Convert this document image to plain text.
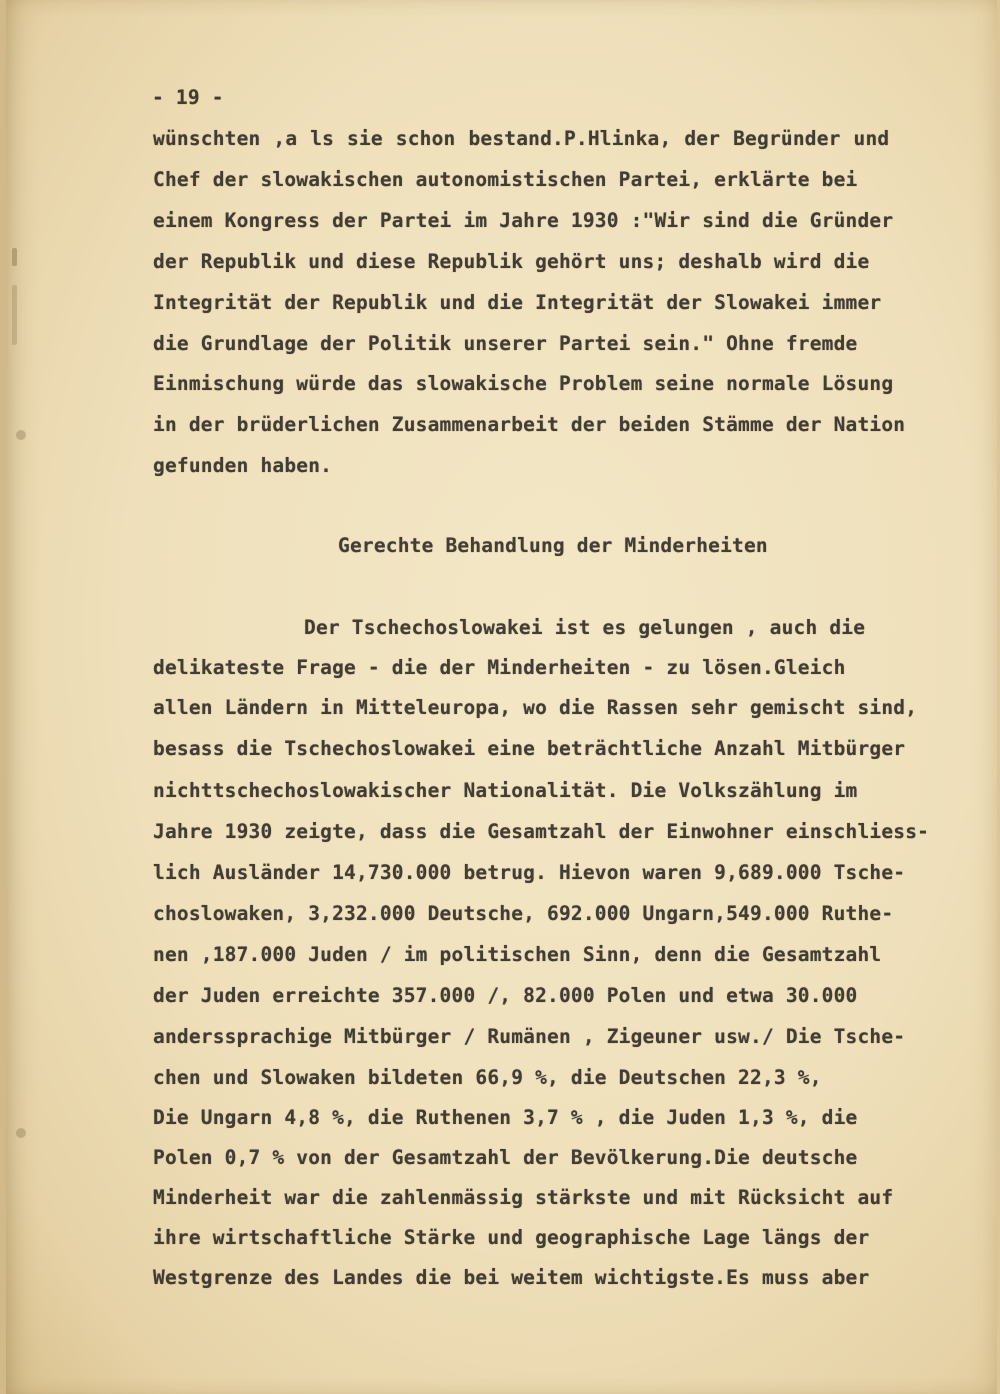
- 19 -
wünschten ,a ls sie schon bestand.P.Hlinka, der Begründer und
Chef der slowakischen autonomistischen Partei, erklärte bei
einem Kongress der Partei im Jahre 1930 :"Wir sind die Gründer
der Republik und diese Republik gehört uns; deshalb wird die
Integrität der Republik und die Integrität der Slowakei immer
die Grundlage der Politik unserer Partei sein." Ohne fremde
Einmischung würde das slowakische Problem seine normale Lösung
in der brüderlichen Zusammenarbeit der beiden Stämme der Nation
gefunden haben.
Gerechte Behandlung der Minderheiten
Der Tschechoslowakei ist es gelungen , auch die
delikateste Frage - die der Minderheiten - zu lösen.Gleich
allen Ländern in Mitteleuropa, wo die Rassen sehr gemischt sind,
besass die Tschechoslowakei eine beträchtliche Anzahl Mitbürger
nichttschechoslowakischer Nationalität. Die Volkszählung im
Jahre 1930 zeigte, dass die Gesamtzahl der Einwohner einschliess-
lich Ausländer 14,730.000 betrug. Hievon waren 9,689.000 Tsche-
choslowaken, 3,232.000 Deutsche, 692.000 Ungarn,549.000 Ruthe-
nen ,187.000 Juden / im politischen Sinn, denn die Gesamtzahl
der Juden erreichte 357.000 /, 82.000 Polen und etwa 30.000
anderssprachige Mitbürger / Rumänen , Zigeuner usw./ Die Tsche-
chen und Slowaken bildeten 66,9 %, die Deutschen 22,3 %,
Die Ungarn 4,8 %, die Ruthenen 3,7 % , die Juden 1,3 %, die
Polen 0,7 % von der Gesamtzahl der Bevölkerung.Die deutsche
Minderheit war die zahlenmässig stärkste und mit Rücksicht auf
ihre wirtschaftliche Stärke und geographische Lage längs der
Westgrenze des Landes die bei weitem wichtigste.Es muss aber
